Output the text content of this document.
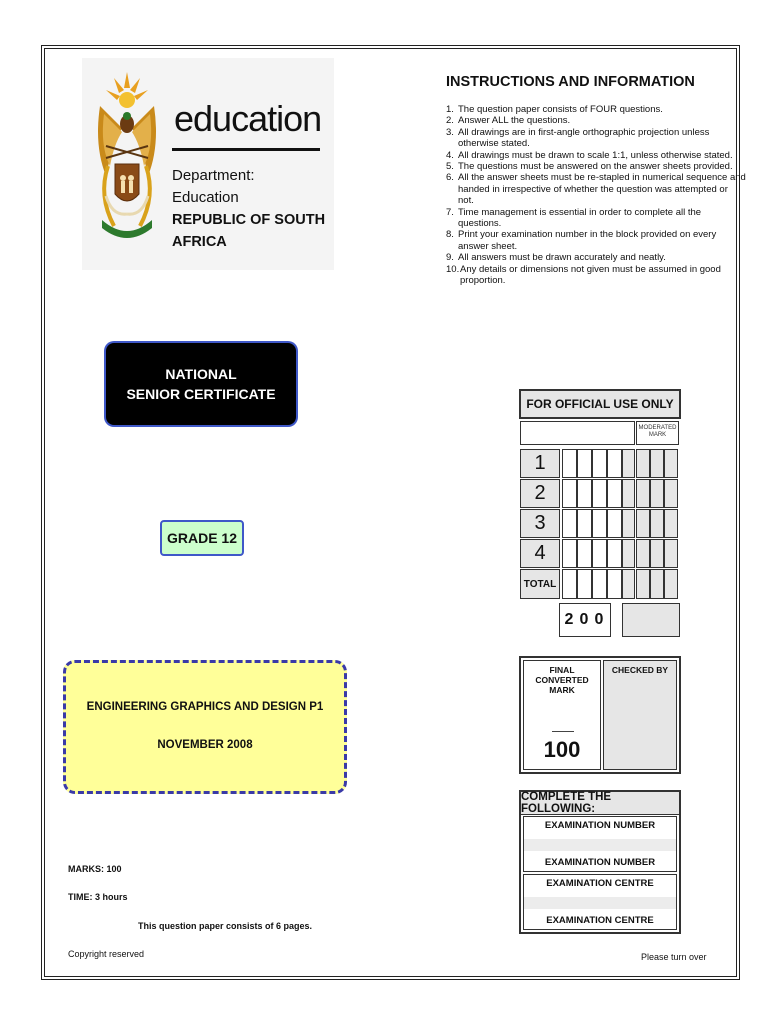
education
Department:
Education
REPUBLIC OF SOUTH AFRICA
INSTRUCTIONS AND INFORMATION
1. The question paper consists of FOUR questions.
2. Answer ALL the questions.
3. All drawings are in first-angle orthographic projection unless otherwise stated.
4. All drawings must be drawn to scale 1:1, unless otherwise stated.
5. The questions must be answered on the answer sheets provided.
6. All the answer sheets must be re-stapled in numerical sequence and handed in irrespective of whether the question was attempted or not.
7. Time management is essential in order to complete all the questions.
8. Print your examination number in the block provided on every answer sheet.
9. All answers must be drawn accurately and neatly.
10. Any details or dimensions not given must be assumed in good proportion.
NATIONAL
SENIOR CERTIFICATE
GRADE 12
ENGINEERING GRAPHICS AND DESIGN P1
NOVEMBER 2008
MARKS: 100
TIME: 3 hours
This question paper consists of 6 pages.
Copyright reserved	Please turn over
FOR OFFICIAL USE ONLY
MODERATED MARK
TOTAL
1
2
3
4
2 0 0
FINAL CONVERTED MARK
100
CHECKED BY
COMPLETE THE FOLLOWING:
EXAMINATION NUMBER
EXAMINATION NUMBER
EXAMINATION CENTRE
EXAMINATION CENTRE
